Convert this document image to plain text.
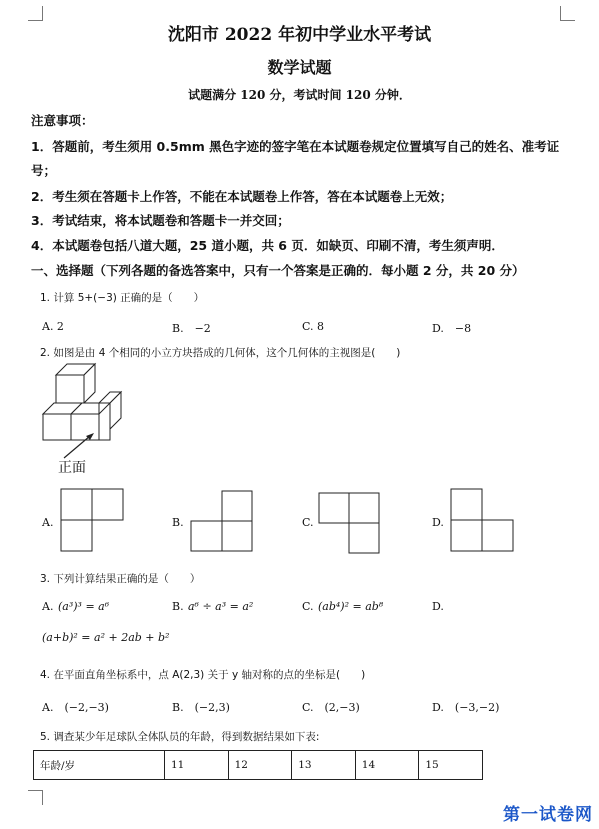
沈阳市 2022 年初中学业水平考试
数学试题
试题满分 120 分，考试时间 120 分钟．
注意事项：
1．答题前，考生须用 0.5mm 黑色字迹的签字笔在本试题卷规定位置填写自己的姓名、准考证
号；
2．考生须在答题卡上作答，不能在本试题卷上作答，答在本试题卷上无效；
3．考试结束，将本试题卷和答题卡一并交回；
4．本试题卷包括八道大题，25 道小题，共 6 页．如缺页、印刷不清，考生须声明．
一、选择题（下列各题的备选答案中，只有一个答案是正确的．每小题 2 分，共 20 分）
1. 计算 5+(−3) 正确的是（　　）
A. 2	B.　−2	C. 8	D.　−8
2. 如图是由 4 个相同的小立方块搭成的几何体，这个几何体的主视图是(　　)
正面
A.	B.	C.	D.
3. 下列计算结果正确的是（　　）
A. (a³)³ = a⁶	B. a⁶ ÷ a³ = a²	C. (ab⁴)² = ab⁸	D.
(a+b)² = a² + 2ab + b²
4. 在平面直角坐标系中，点 A(2,3) 关于 y 轴对称的点的坐标是(　　)
A.　(−2,−3)	B.　(−2,3)	C.　(2,−3)	D.　(−3,−2)
5. 调查某少年足球队全体队员的年龄，得到数据结果如下表:
年龄/岁	11	12	13	14	15
第一试卷网
